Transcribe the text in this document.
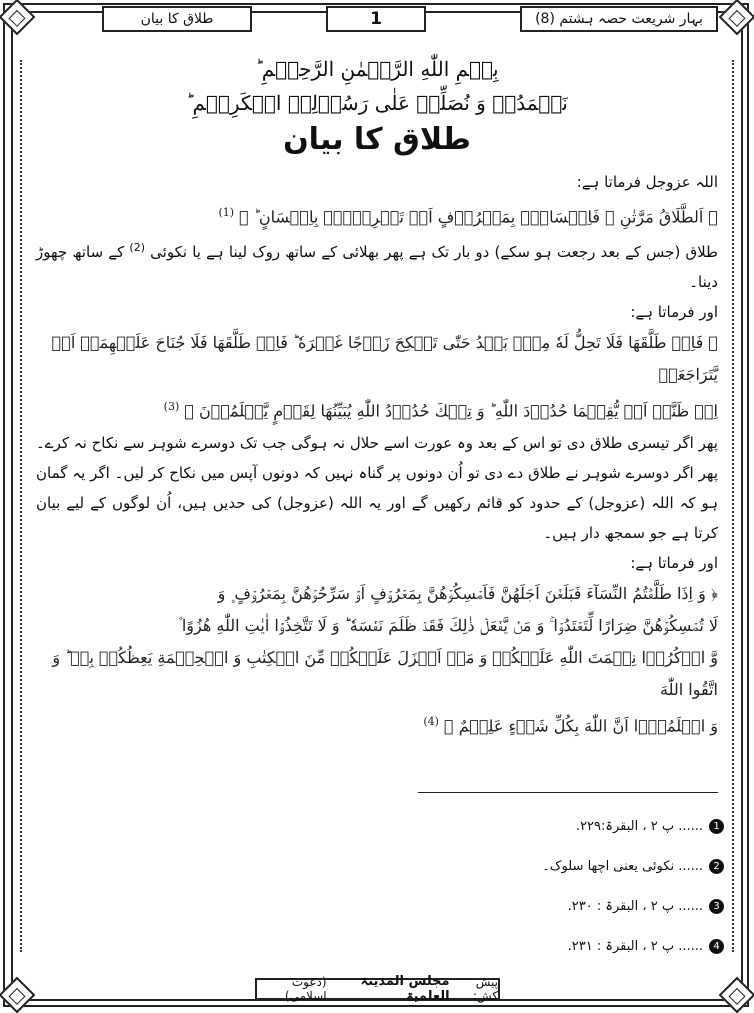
بہار شریعت حصہ ہشتم (8)
1
طلاق کا بیان

بِسۡمِ اللّٰهِ الرَّحۡمٰنِ الرَّحِیۡمِ ؕ

نَحۡمَدُہٗ وَ نُصَلِّیۡ عَلٰی رَسُوۡلِہِ الۡکَرِیۡمِ ؕ

طلاق کا بیان

اللہ عزوجل فرماتا ہے:

﴿ اَلطَّلَاقُ مَرَّتٰنِ ۪ فَاِمۡسَاكٌۢ بِمَعۡرُوۡفٍ اَوۡ تَسۡرِیۡحٌۢ بِاِحۡسَانٍ ؕ ﴾ $^{(1)}$

طلاق (جس کے بعد رجعت ہو سکے) دو بار تک ہے پھر بھلائی کے ساتھ روک لینا ہے یا نکوئی $^{(2)}$ کے ساتھ چھوڑ دینا۔

اور فرماتا ہے:

﴿ فَاِنۡ طَلَّقَهَا فَلَا تَحِلُّ لَهٗ مِنۡۢ بَعۡدُ حَتّٰی تَنۡکِحَ زَوۡجًا غَیۡرَهٗ ؕ فَاِنۡ طَلَّقَهَا فَلَا جُنَاحَ عَلَیۡهِمَاۤ اَنۡ یَّتَرَاجَعَاۤ

اِنۡ ظَنَّاۤ اَنۡ یُّقِیۡمَا حُدُوۡدَ اللّٰهِ ؕ وَ تِلۡكَ حُدُوۡدُ اللّٰهِ یُبَیِّنُهَا لِقَوۡمٍ یَّعۡلَمُوۡنَ ﴾ $^{(3)}$

پھر اگر تیسری طلاق دی تو اس کے بعد وہ عورت اسے حلال نہ ہوگی جب تک دوسرے شوہر سے نکاح نہ کرے۔ پھر اگر دوسرے شوہر نے طلاق دے دی تو اُن دونوں پر گناہ نہیں کہ دونوں آپس میں نکاح کر لیں۔ اگر یہ گمان ہو کہ اللہ (عزوجل) کے حدود کو قائم رکھیں گے اور یہ اللہ (عزوجل) کی حدیں ہیں، اُن لوگوں کے لیے بیان کرتا ہے جو سمجھ دار ہیں۔

اور فرماتا ہے:

﴿ وَ اِذَا طَلَّقۡتُمُ النِّسَآءَ فَبَلَغۡنَ اَجَلَهُنَّ فَاَمۡسِكُوۡهُنَّ بِمَعۡرُوۡفٍ اَوۡ سَرِّحُوۡهُنَّ بِمَعۡرُوۡفٍ ۪ وَ

لَا تُمۡسِكُوۡهُنَّ ضِرَارًا لِّتَعۡتَدُوۡا ۚ وَ مَنۡ یَّفۡعَلۡ ذٰلِكَ فَقَدۡ ظَلَمَ نَفۡسَهٗ ؕ وَ لَا تَتَّخِذُوۡۤا اٰیٰتِ اللّٰهِ هُزُوًا ۫

وَّ اذۡکُرُوۡا نِعۡمَتَ اللّٰهِ عَلَیۡکُمۡ وَ مَاۤ اَنۡزَلَ عَلَیۡکُمۡ مِّنَ الۡکِتٰبِ وَ الۡحِکۡمَةِ یَعِظُکُمۡ بِهٖ ؕ وَ اتَّقُوا اللّٰهَ

وَ اعۡلَمُوۡۤا اَنَّ اللّٰهَ بِکُلِّ شَیۡءٍ عَلِیۡمٌ ﴾ $^{(4)}$

1
...... پ ۲ ، البقرۃ:۲۲۹.
2
...... نکوئی یعنی اچھا سلوک۔
3
...... پ ۲ ، البقرۃ : ۲۳۰.
4
...... پ ۲ ، البقرۃ : ۲۳۱.
پیش کش:
مجلس المدینۃ العلمیۃ
(دعوت اسلامی)
